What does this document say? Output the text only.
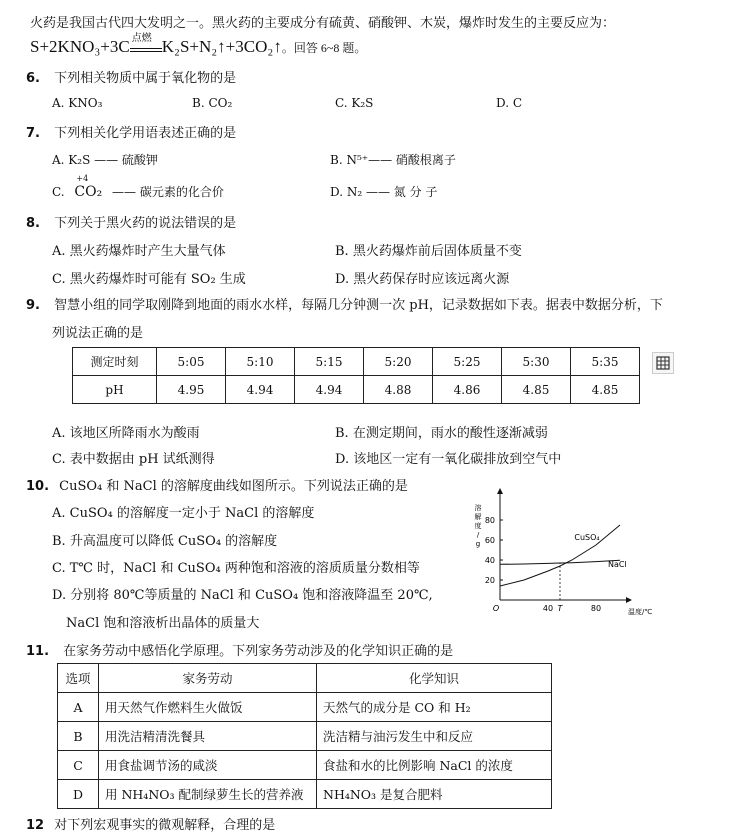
火药是我国古代四大发明之一。黑火药的主要成分有硫黄、硝酸钾、木炭，爆炸时发生的主要反应为：
S+2KNO₃+3C 点燃 K₂S+N₂↑+3CO₂↑。回答 6~8 题。
6. 下列相关物质中属于氧化物的是
A. KNO₃	B. CO₂	C. K₂S	D. C
7. 下列相关化学用语表述正确的是
A. K₂S —— 硫酸钾	B. N⁵⁺—— 硝酸根离子
C.
+4
CO₂ —— 碳元素的化合价	D. N₂ —— 氮 分 子
8. 下列关于黑火药的说法错误的是
A. 黑火药爆炸时产生大量气体	B. 黑火药爆炸前后固体质量不变
C. 黑火药爆炸时可能有 SO₂ 生成	D. 黑火药保存时应该远离火源
9. 智慧小组的同学取刚降到地面的雨水水样，每隔几分钟测一次 pH，记录数据如下表。据表中数据分析，下
列说法正确的是
测定时刻	5:05	5:10	5:15	5:20	5:25	5:30	5:35
pH	4.95	4.94	4.94	4.88	4.86	4.85	4.85
A. 该地区所降雨水为酸雨	B. 在测定期间，雨水的酸性逐渐减弱
C. 表中数据由 pH 试纸测得	D. 该地区一定有一氧化碳排放到空气中
10. CuSO₄ 和 NaCl 的溶解度曲线如图所示。下列说法正确的是
A. CuSO₄ 的溶解度一定小于 NaCl 的溶解度
B. 升高温度可以降低 CuSO₄ 的溶解度
C. T℃ 时，NaCl 和 CuSO₄ 两种饱和溶液的溶质质量分数相等
D. 分别将 80℃等质量的 NaCl 和 CuSO₄ 饱和溶液降温至 20℃,
NaCl 饱和溶液析出晶体的质量大
20
40
60
80
40 T	80
O
溶解度/ g
温度/℃
CuSO₄
NaCl
11. 在家务劳动中感悟化学原理。下列家务劳动涉及的化学知识正确的是
选项	家务劳动	化学知识
A	用天然气作燃料生火做饭	天然气的成分是 CO 和 H₂
B	用洗洁精清洗餐具	洗洁精与油污发生中和反应
C	用食盐调节汤的咸淡	食盐和水的比例影响 NaCl 的浓度
D	用 NH₄NO₃ 配制绿萝生长的营养液	NH₄NO₃ 是复合肥料
12 对下列宏观事实的微观解释，合理的是
